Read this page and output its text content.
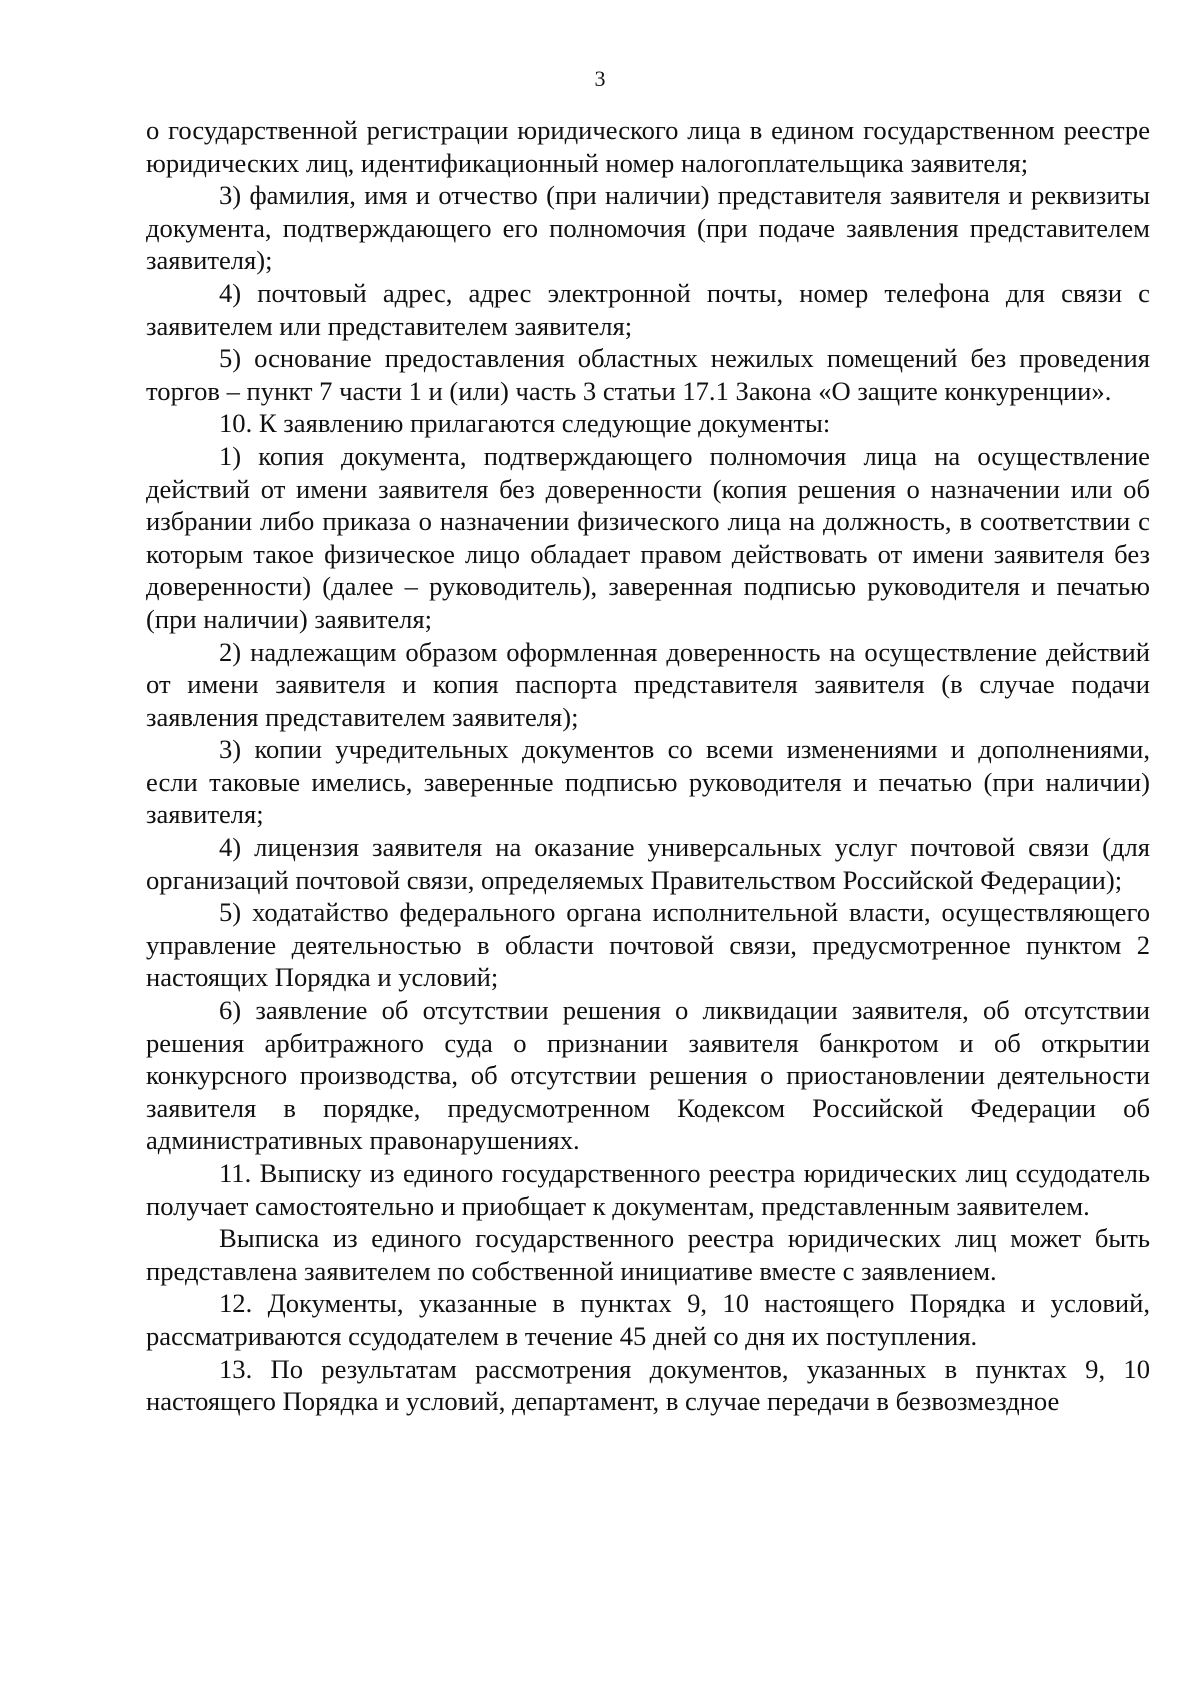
3

о государственной регистрации юридического лица в едином государственном реестре юридических лиц, идентификационный номер налогоплательщика заявителя;

3) фамилия, имя и отчество (при наличии) представителя заявителя и реквизиты документа, подтверждающего его полномочия (при подаче заявления представителем заявителя);

4) почтовый адрес, адрес электронной почты, номер телефона для связи с заявителем или представителем заявителя;

5) основание предоставления областных нежилых помещений без проведения торгов – пункт 7 части 1 и (или) часть 3 статьи 17.1 Закона «О защите конкуренции».

10. К заявлению прилагаются следующие документы:

1) копия документа, подтверждающего полномочия лица на осуществление действий от имени заявителя без доверенности (копия решения о назначении или об избрании либо приказа о назначении физического лица на должность, в соответствии с которым такое физическое лицо обладает правом действовать от имени заявителя без доверенности) (далее – руководитель), заверенная подписью руководителя и печатью (при наличии) заявителя;

2) надлежащим образом оформленная доверенность на осуществление действий от имени заявителя и копия паспорта представителя заявителя (в случае подачи заявления представителем заявителя);

3) копии учредительных документов со всеми изменениями и дополнениями, если таковые имелись, заверенные подписью руководителя и печатью (при наличии) заявителя;

4) лицензия заявителя на оказание универсальных услуг почтовой связи (для организаций почтовой связи, определяемых Правительством Российской Федерации);

5) ходатайство федерального органа исполнительной власти, осуществляющего управление деятельностью в области почтовой связи, предусмотренное пунктом 2 настоящих Порядка и условий;

6) заявление об отсутствии решения о ликвидации заявителя, об отсутствии решения арбитражного суда о признании заявителя банкротом и об открытии конкурсного производства, об отсутствии решения о приостановлении деятельности заявителя в порядке, предусмотренном Кодексом Российской Федерации об административных правонарушениях.

11. Выписку из единого государственного реестра юридических лиц ссудодатель получает самостоятельно и приобщает к документам, представленным заявителем.

Выписка из единого государственного реестра юридических лиц может быть представлена заявителем по собственной инициативе вместе с заявлением.

12. Документы, указанные в пунктах 9, 10 настоящего Порядка и условий, рассматриваются ссудодателем в течение 45 дней со дня их поступления.

13. По результатам рассмотрения документов, указанных в пунктах 9, 10 настоящего Порядка и условий, департамент, в случае передачи в безвозмездное
